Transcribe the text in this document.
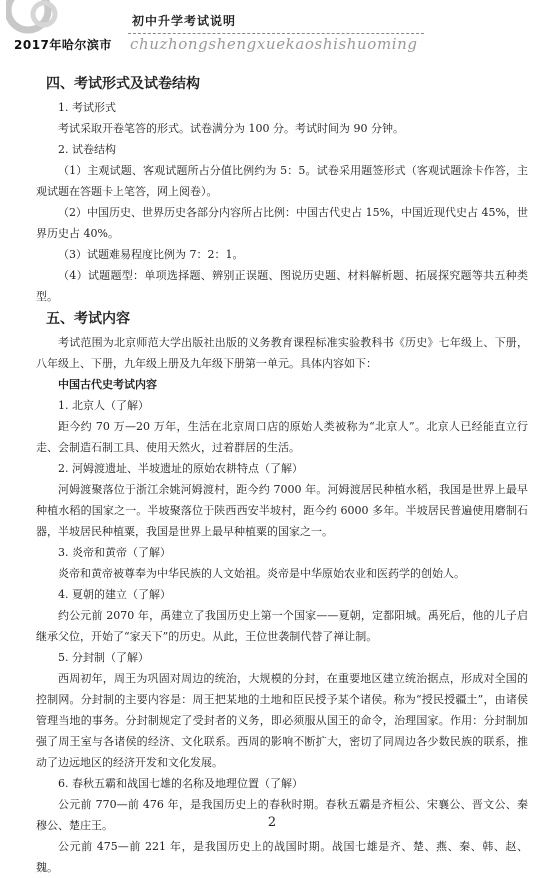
初中升学考试说明
2017年哈尔滨市 chuzhongshengxuekaoshishuoming
四、考试形式及试卷结构

1. 考试形式

考试采取开卷笔答的形式。试卷满分为 100 分。考试时间为 90 分钟。

2. 试卷结构

（1）主观试题、客观试题所占分值比例约为 5：5。试卷采用题签形式（客观试题涂卡作答，主观试题在答题卡上笔答，网上阅卷）。

（2）中国历史、世界历史各部分内容所占比例：中国古代史占 15%，中国近现代史占 45%，世界历史占 40%。

（3）试题难易程度比例为 7：2：1。

（4）试题题型：单项选择题、辨别正误题、图说历史题、材料解析题、拓展探究题等共五种类型。

五、考试内容

考试范围为北京师范大学出版社出版的义务教育课程标准实验教科书《历史》七年级上、下册，八年级上、下册，九年级上册及九年级下册第一单元。具体内容如下：

中国古代史考试内容

1. 北京人（了解）

距今约 70 万—20 万年，生活在北京周口店的原始人类被称为“北京人”。北京人已经能直立行走、会制造石制工具、使用天然火，过着群居的生活。

2. 河姆渡遗址、半坡遗址的原始农耕特点（了解）

河姆渡聚落位于浙江余姚河姆渡村，距今约 7000 年。河姆渡居民种植水稻，我国是世界上最早种植水稻的国家之一。半坡聚落位于陕西西安半坡村，距今约 6000 多年。半坡居民普遍使用磨制石器，半坡居民种植粟，我国是世界上最早种植粟的国家之一。

3. 炎帝和黄帝（了解）

炎帝和黄帝被尊奉为中华民族的人文始祖。炎帝是中华原始农业和医药学的创始人。

4. 夏朝的建立（了解）

约公元前 2070 年，禹建立了我国历史上第一个国家——夏朝，定都阳城。禹死后，他的儿子启继承父位，开始了“家天下”的历史。从此，王位世袭制代替了禅让制。

5. 分封制（了解）

西周初年，周王为巩固对周边的统治，大规模的分封，在重要地区建立统治据点，形成对全国的控制网。分封制的主要内容是：周王把某地的土地和臣民授予某个诸侯。称为“授民授疆土”，由诸侯管理当地的事务。分封制规定了受封者的义务，即必须服从国王的命令，治理国家。作用：分封制加强了周王室与各诸侯的经济、文化联系。西周的影响不断扩大，密切了同周边各少数民族的联系，推动了边远地区的经济开发和文化发展。

6. 春秋五霸和战国七雄的名称及地理位置（了解）

公元前 770—前 476 年，是我国历史上的春秋时期。春秋五霸是齐桓公、宋襄公、晋文公、秦穆公、楚庄王。

公元前 475—前 221 年，是我国历史上的战国时期。战国七雄是齐、楚、燕、秦、韩、赵、魏。

2
